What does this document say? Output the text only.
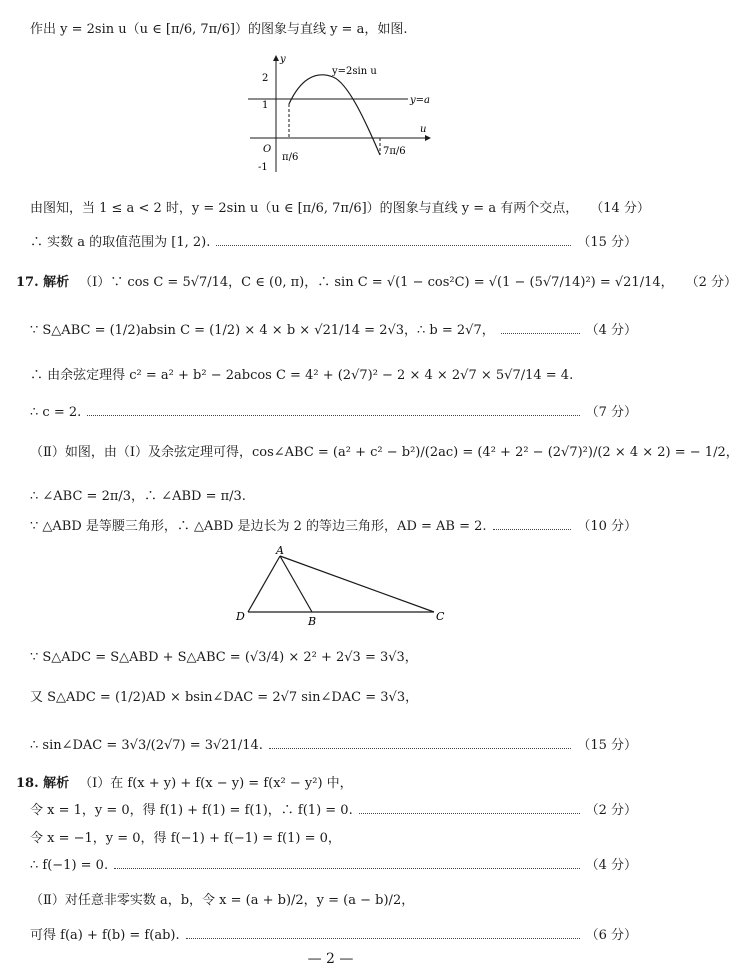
作出 y = 2sin u（u ∈ [π/6, 7π/6]）的图象与直线 y = a，如图.
y
u
O
2
1
-1
y=2sin u
y=a
π/6
7π/6
由图知，当 1 ≤ a < 2 时，y = 2sin u（u ∈ [π/6, 7π/6]）的图象与直线 y = a 有两个交点， （14 分）
∴ 实数 a 的取值范围为 [1, 2).	（15 分）
17. 解析 （Ⅰ）∵ cos C = 5√7/14，C ∈ (0, π)，∴ sin C = √(1 − cos²C) = √(1 − (5√7/14)²) = √21/14， （2 分）
∵ S△ABC = (1/2)absin C = (1/2) × 4 × b × √21/14 = 2√3，∴ b = 2√7，	（4 分）
∴ 由余弦定理得 c² = a² + b² − 2abcos C = 4² + (2√7)² − 2 × 4 × 2√7 × 5√7/14 = 4.
∴ c = 2.	（7 分）
（Ⅱ）如图，由（Ⅰ）及余弦定理可得，cos∠ABC = (a² + c² − b²)/(2ac) = (4² + 2² − (2√7)²)/(2 × 4 × 2) = − 1/2，
∴ ∠ABC = 2π/3，∴ ∠ABD = π/3.
∵ △ABD 是等腰三角形，∴ △ABD 是边长为 2 的等边三角形，AD = AB = 2.	（10 分）
A
D	B	C
∵ S△ADC = S△ABD + S△ABC = (√3/4) × 2² + 2√3 = 3√3，
又 S△ADC = (1/2)AD × bsin∠DAC = 2√7 sin∠DAC = 3√3，
∴ sin∠DAC = 3√3/(2√7) = 3√21/14.	（15 分）
18. 解析 （Ⅰ）在 f(x + y) + f(x − y) = f(x² − y²) 中，
令 x = 1，y = 0，得 f(1) + f(1) = f(1)，∴ f(1) = 0.	（2 分）
令 x = −1，y = 0，得 f(−1) + f(−1) = f(1) = 0，
∴ f(−1) = 0.	（4 分）
（Ⅱ）对任意非零实数 a，b，令 x = (a + b)/2，y = (a − b)/2，
可得 f(a) + f(b) = f(ab).	（6 分）
— 2 —
